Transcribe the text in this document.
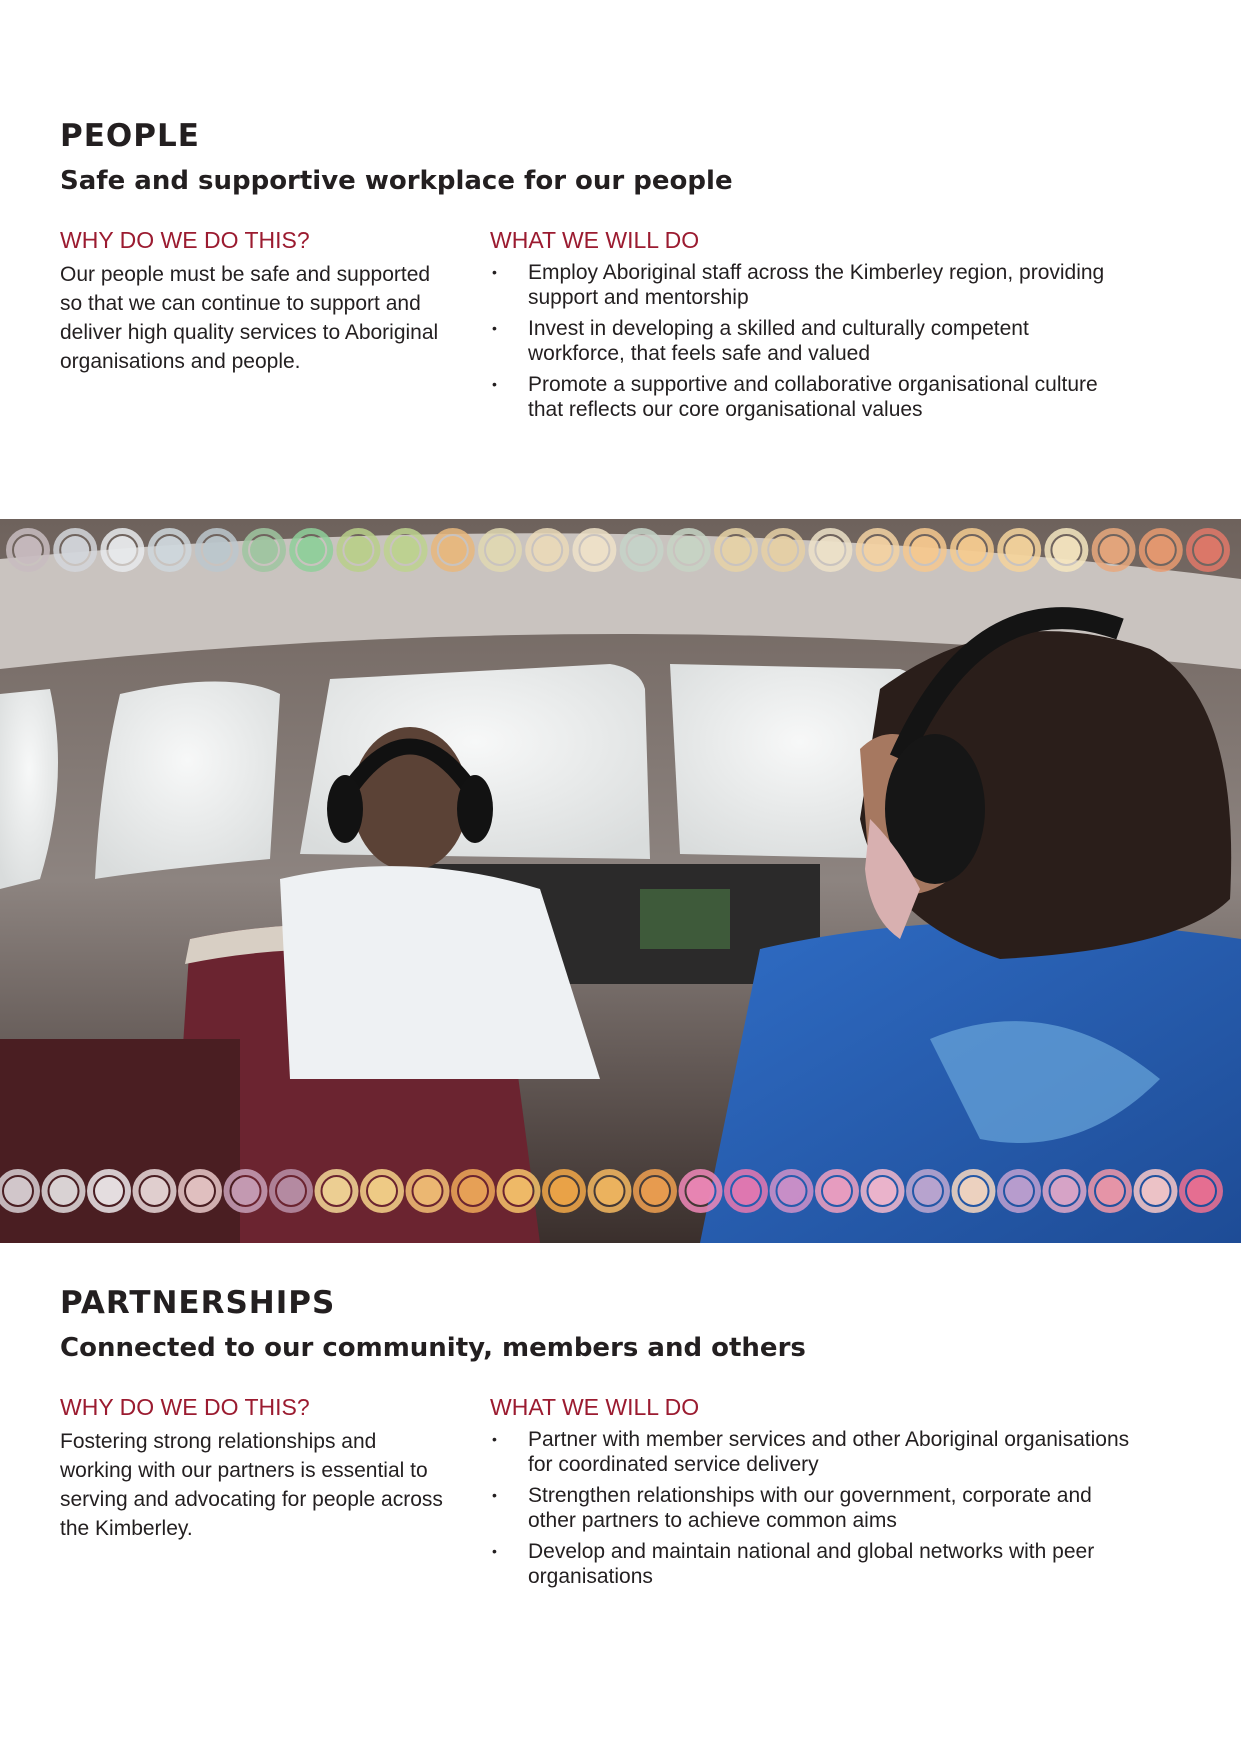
PEOPLE
Safe and supportive workplace for our people
WHY DO WE DO THIS?

Our people must be safe and supported so that we can continue to support and deliver high quality services to Aboriginal organisations and people.

WHAT WE WILL DO
• Employ Aboriginal staff across the Kimberley region, providing support and mentorship
• Invest in developing a skilled and culturally competent workforce, that feels safe and valued
• Promote a supportive and collaborative organisational culture that reflects our core organisational values
PARTNERSHIPS
Connected to our community, members and others
WHY DO WE DO THIS?

Fostering strong relationships and working with our partners is essential to serving and advocating for people across the Kimberley.

WHAT WE WILL DO
• Partner with member services and other Aboriginal organisations for coordinated service delivery
• Strengthen relationships with our government, corporate and other partners to achieve common aims
• Develop and maintain national and global networks with peer organisations
